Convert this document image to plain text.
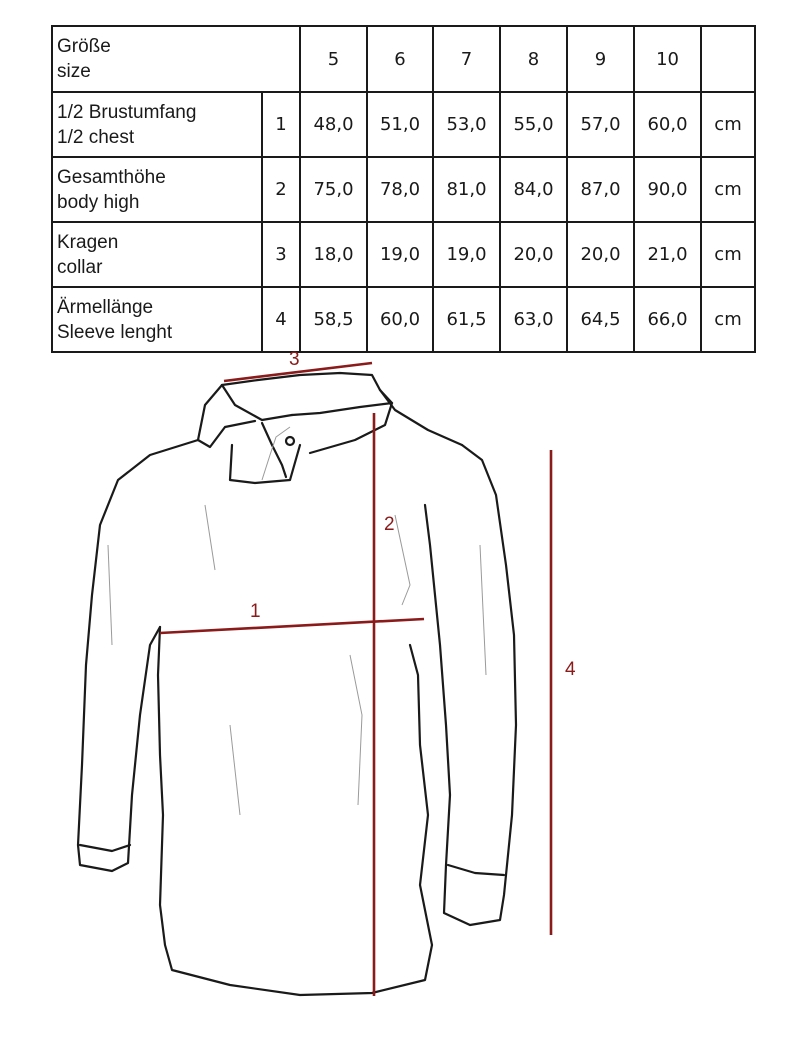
Größe
size		5	6	7	8	9	10	

1/2 Brustumfang
1/2 chest	1	48,0	51,0	53,0	55,0	57,0	60,0	cm

Gesamthöhe
body high	2	75,0	78,0	81,0	84,0	87,0	90,0	cm

Kragen
collar	3	18,0	19,0	19,0	20,0	20,0	21,0	cm

Ärmellänge
Sleeve lenght	4	58,5	60,0	61,5	63,0	64,5	66,0	cm
1
2
3
4
